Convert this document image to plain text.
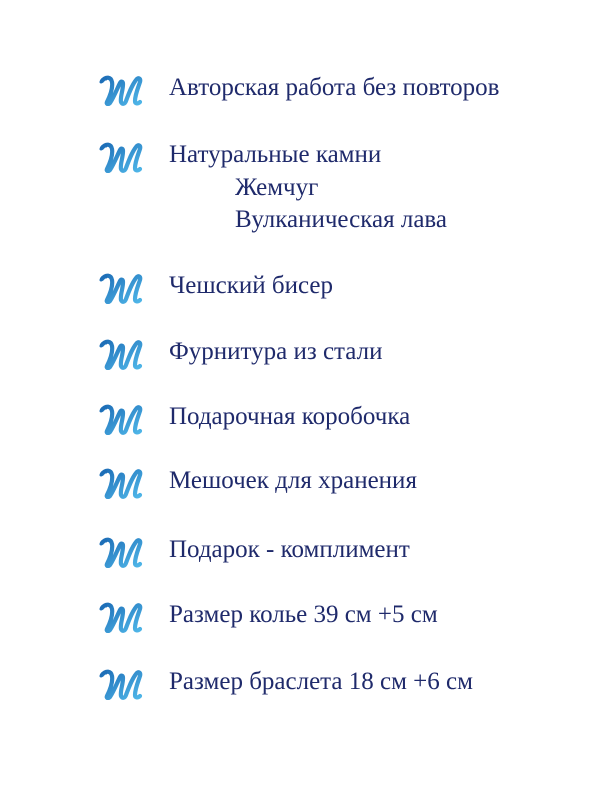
Авторская работа без повторов
Натуральные камни
Жемчуг
Вулканическая лава
Чешский бисер
Фурнитура из стали
Подарочная коробочка
Мешочек для хранения
Подарок - комплимент
Размер колье 39 см +5 см
Размер браслета 18 см +6 см
